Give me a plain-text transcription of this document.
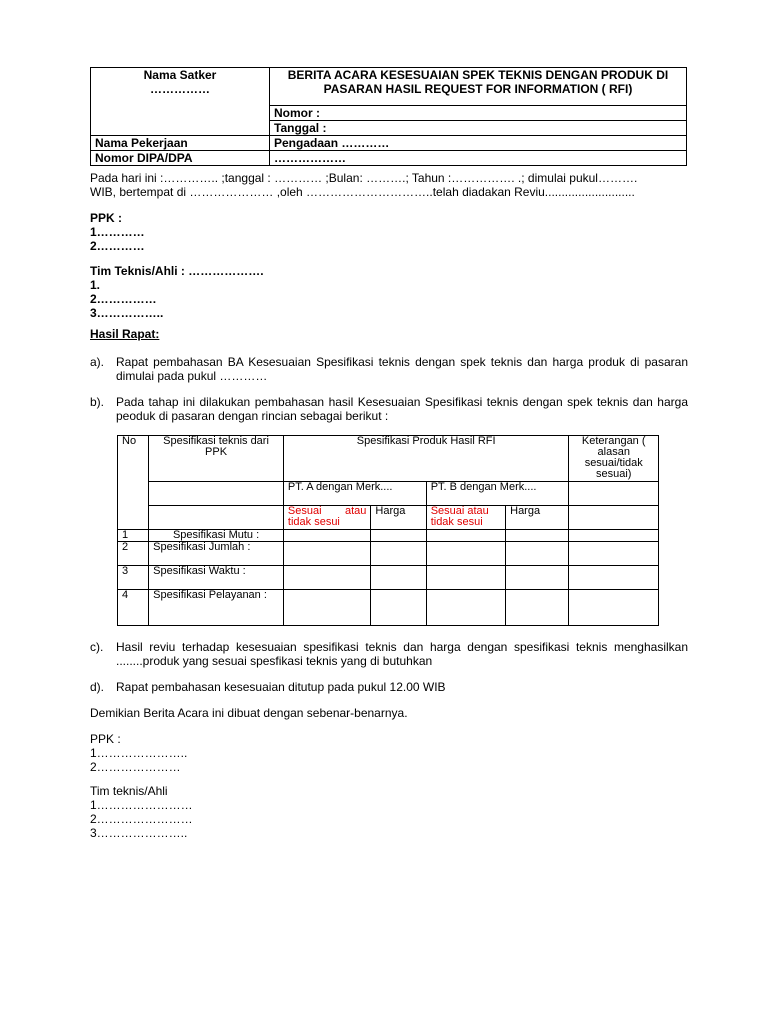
Nama Satker
……………	BERITA ACARA KESESUAIAN SPEK TEKNIS DENGAN PRODUK DI PASARAN HASIL REQUEST FOR INFORMATION ( RFI)
	Nomor :
	Tanggal :
Nama Pekerjaan	Pengadaan …………
Nomor DIPA/DPA	………………
Pada hari ini :………….. ;tanggal : ………… ;Bulan: ……….; Tahun :……………. .; dimulai pukul……….
WIB, bertempat di ………………… ,oleh …………………………..telah diadakan Reviu...........................
PPK :
1…………
2…………
Tim Teknis/Ahli : ……………….
1.
2……………
3……………..
Hasil Rapat:
a). Rapat pembahasan BA Kesesuaian Spesifikasi teknis dengan spek teknis dan harga produk di pasaran dimulai pada pukul …………
b). Pada tahap ini dilakukan pembahasan hasil Kesesuaian Spesifikasi teknis dengan spek teknis dan harga peoduk di pasaran dengan rincian sebagai berikut :
No	Spesifikasi teknis dari PPK	Spesifikasi Produk Hasil RFI				Keterangan ( alasan sesuai/tidak sesuai)
		PT. A dengan Merk....		PT. B dengan Merk....		
		Sesuai atau tidak sesui	Harga	Sesuai atau tidak sesui	Harga	
1	Spesifikasi Mutu :					
2	Spesifikasi Jumlah :					
3	Spesifikasi Waktu :					
4	Spesifikasi Pelayanan :					
c). Hasil reviu terhadap kesesuaian spesifikasi teknis dan harga dengan spesifikasi teknis menghasilkan ........produk yang sesuai spesfikasi teknis yang di butuhkan
d). Rapat pembahasan kesesuaian ditutup pada pukul 12.00 WIB
Demikian Berita Acara ini dibuat dengan sebenar-benarnya.
PPK :
1…………………..
2…………………
Tim teknis/Ahli
1……………………
2……………………
3…………………..
